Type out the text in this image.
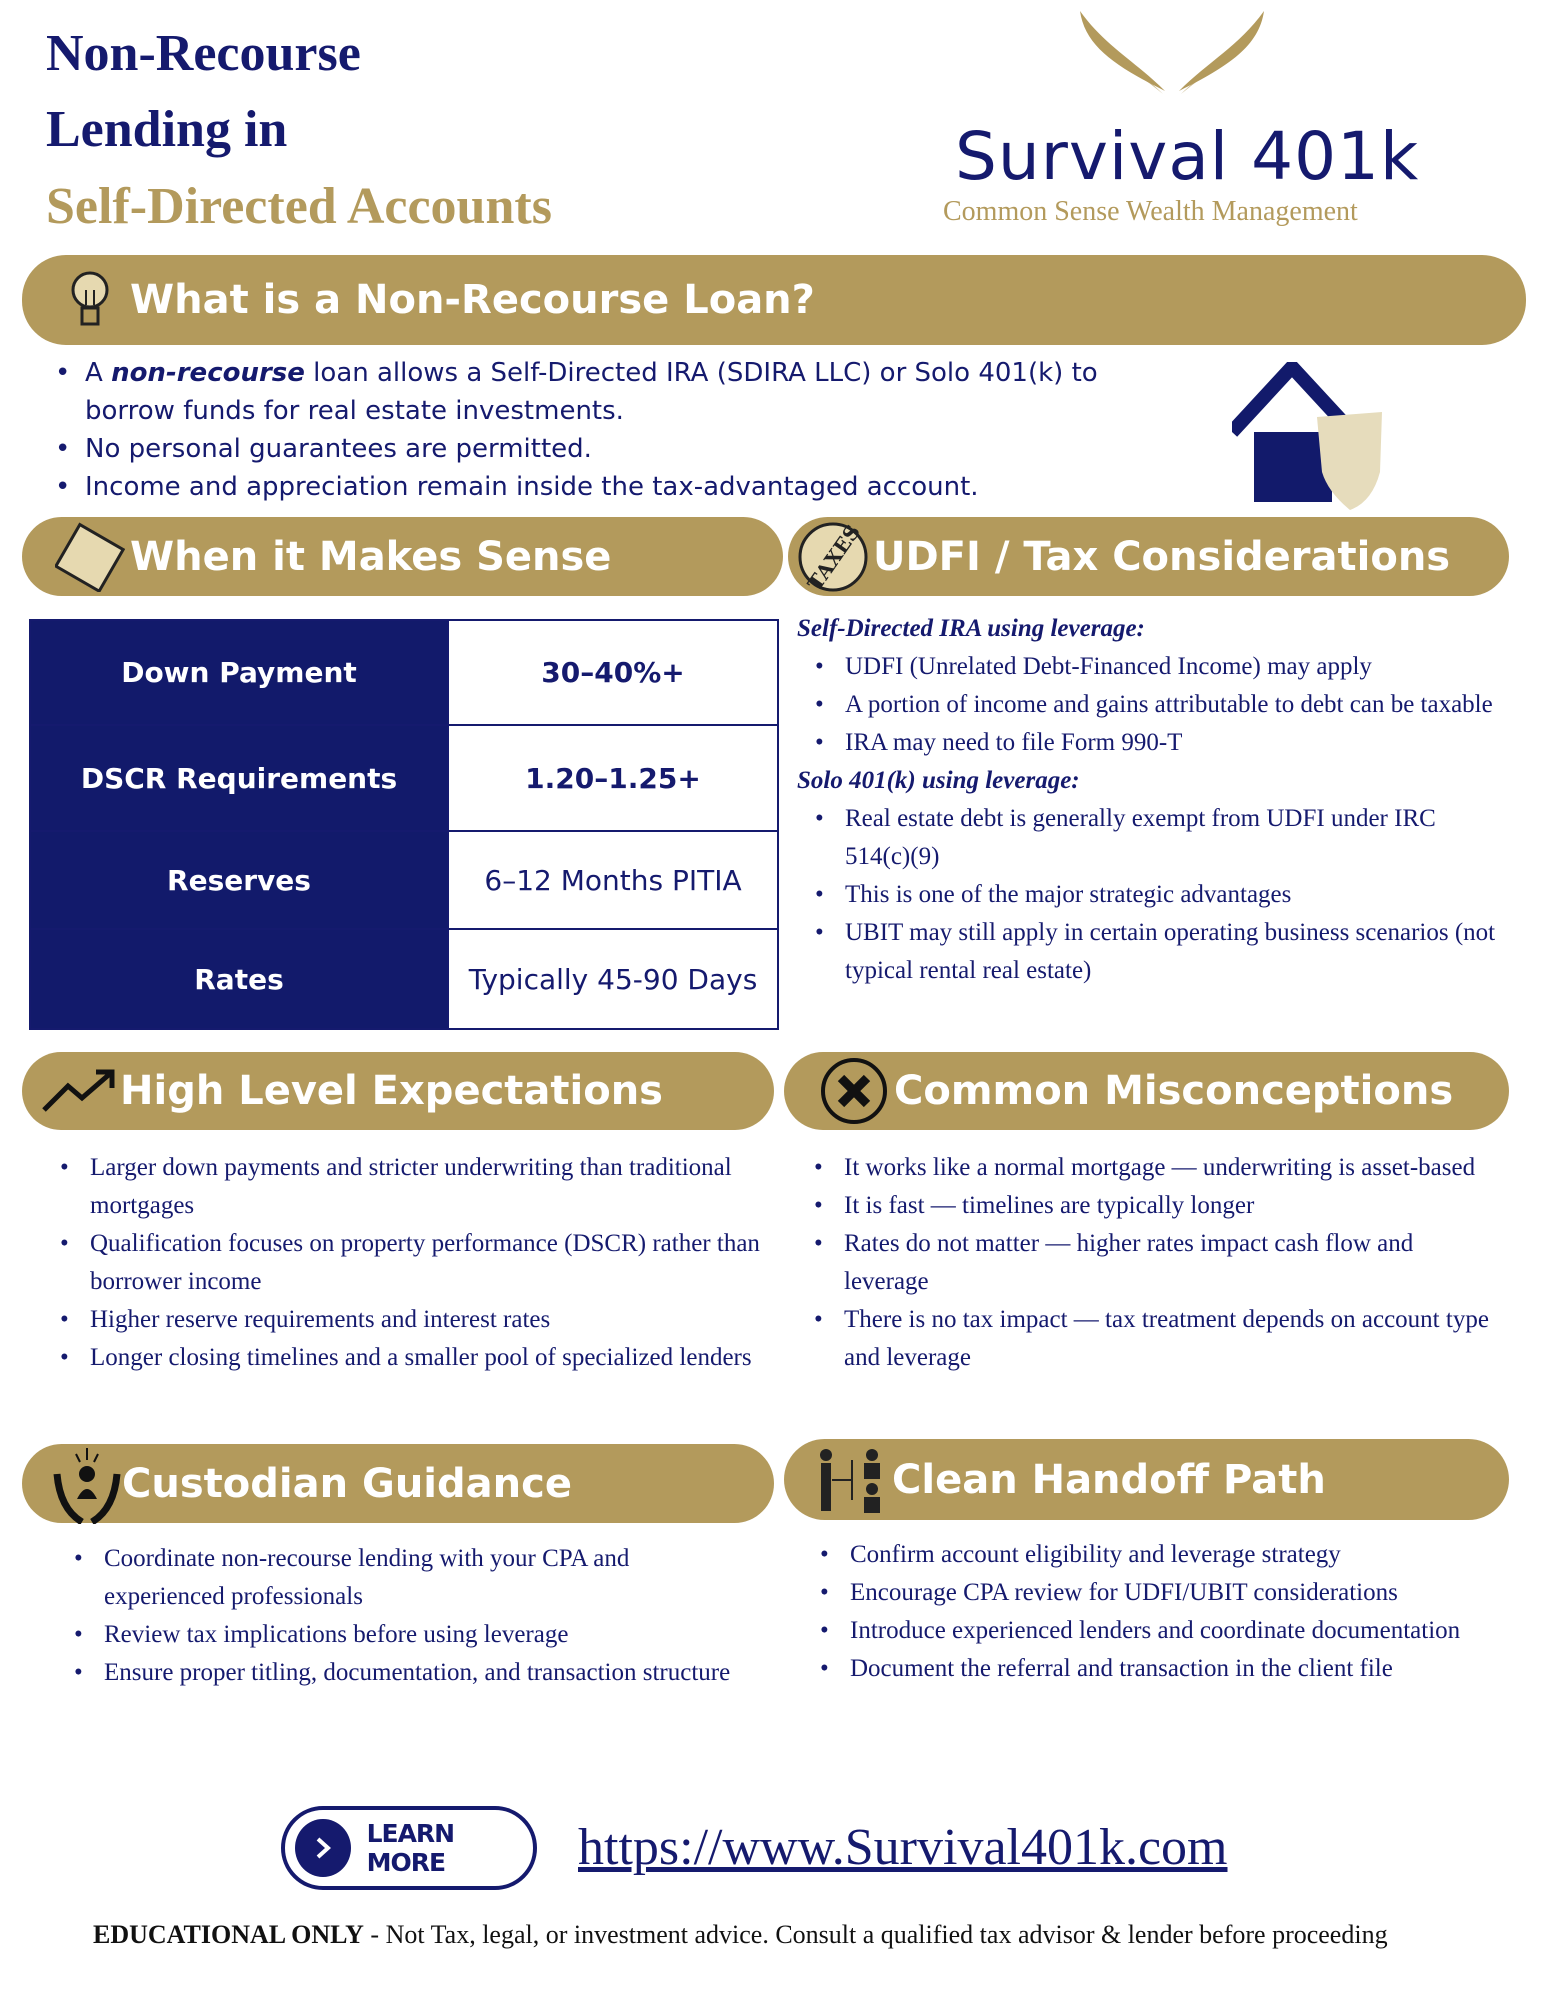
Non-Recourse
Lending in
Self-Directed Accounts
Survival 401k
Common Sense Wealth Management
What is a Non-Recourse Loan?
• A non-recourse loan allows a Self-Directed IRA (SDIRA LLC) or Solo 401(k) to borrow funds for real estate investments.
• No personal guarantees are permitted.
• Income and appreciation remain inside the tax-advantaged account.
When it Makes Sense
Down Payment	30–40%+
DSCR Requirements	1.20–1.25+
Reserves	6–12 Months PITIA
Rates	Typically 45-90 Days
TAXES UDFI / Tax Considerations
Self-Directed IRA using leverage:
• UDFI (Unrelated Debt-Financed Income) may apply
• A portion of income and gains attributable to debt can be taxable
• IRA may need to file Form 990-T
Solo 401(k) using leverage:
• Real estate debt is generally exempt from UDFI under IRC 514(c)(9)
• This is one of the major strategic advantages
• UBIT may still apply in certain operating business scenarios (not typical rental real estate)
High Level Expectations
• Larger down payments and stricter underwriting than traditional mortgages
• Qualification focuses on property performance (DSCR) rather than borrower income
• Higher reserve requirements and interest rates
• Longer closing timelines and a smaller pool of specialized lenders
Common Misconceptions
• It works like a normal mortgage — underwriting is asset-based
• It is fast — timelines are typically longer
• Rates do not matter — higher rates impact cash flow and leverage
• There is no tax impact — tax treatment depends on account type and leverage
Custodian Guidance
• Coordinate non-recourse lending with your CPA and experienced professionals
• Review tax implications before using leverage
• Ensure proper titling, documentation, and transaction structure
Clean Handoff Path
• Confirm account eligibility and leverage strategy
• Encourage CPA review for UDFI/UBIT considerations
• Introduce experienced lenders and coordinate documentation
• Document the referral and transaction in the client file
LEARN MORE	https://www.Survival401k.com
EDUCATIONAL ONLY - Not Tax, legal, or investment advice. Consult a qualified tax advisor & lender before proceeding
